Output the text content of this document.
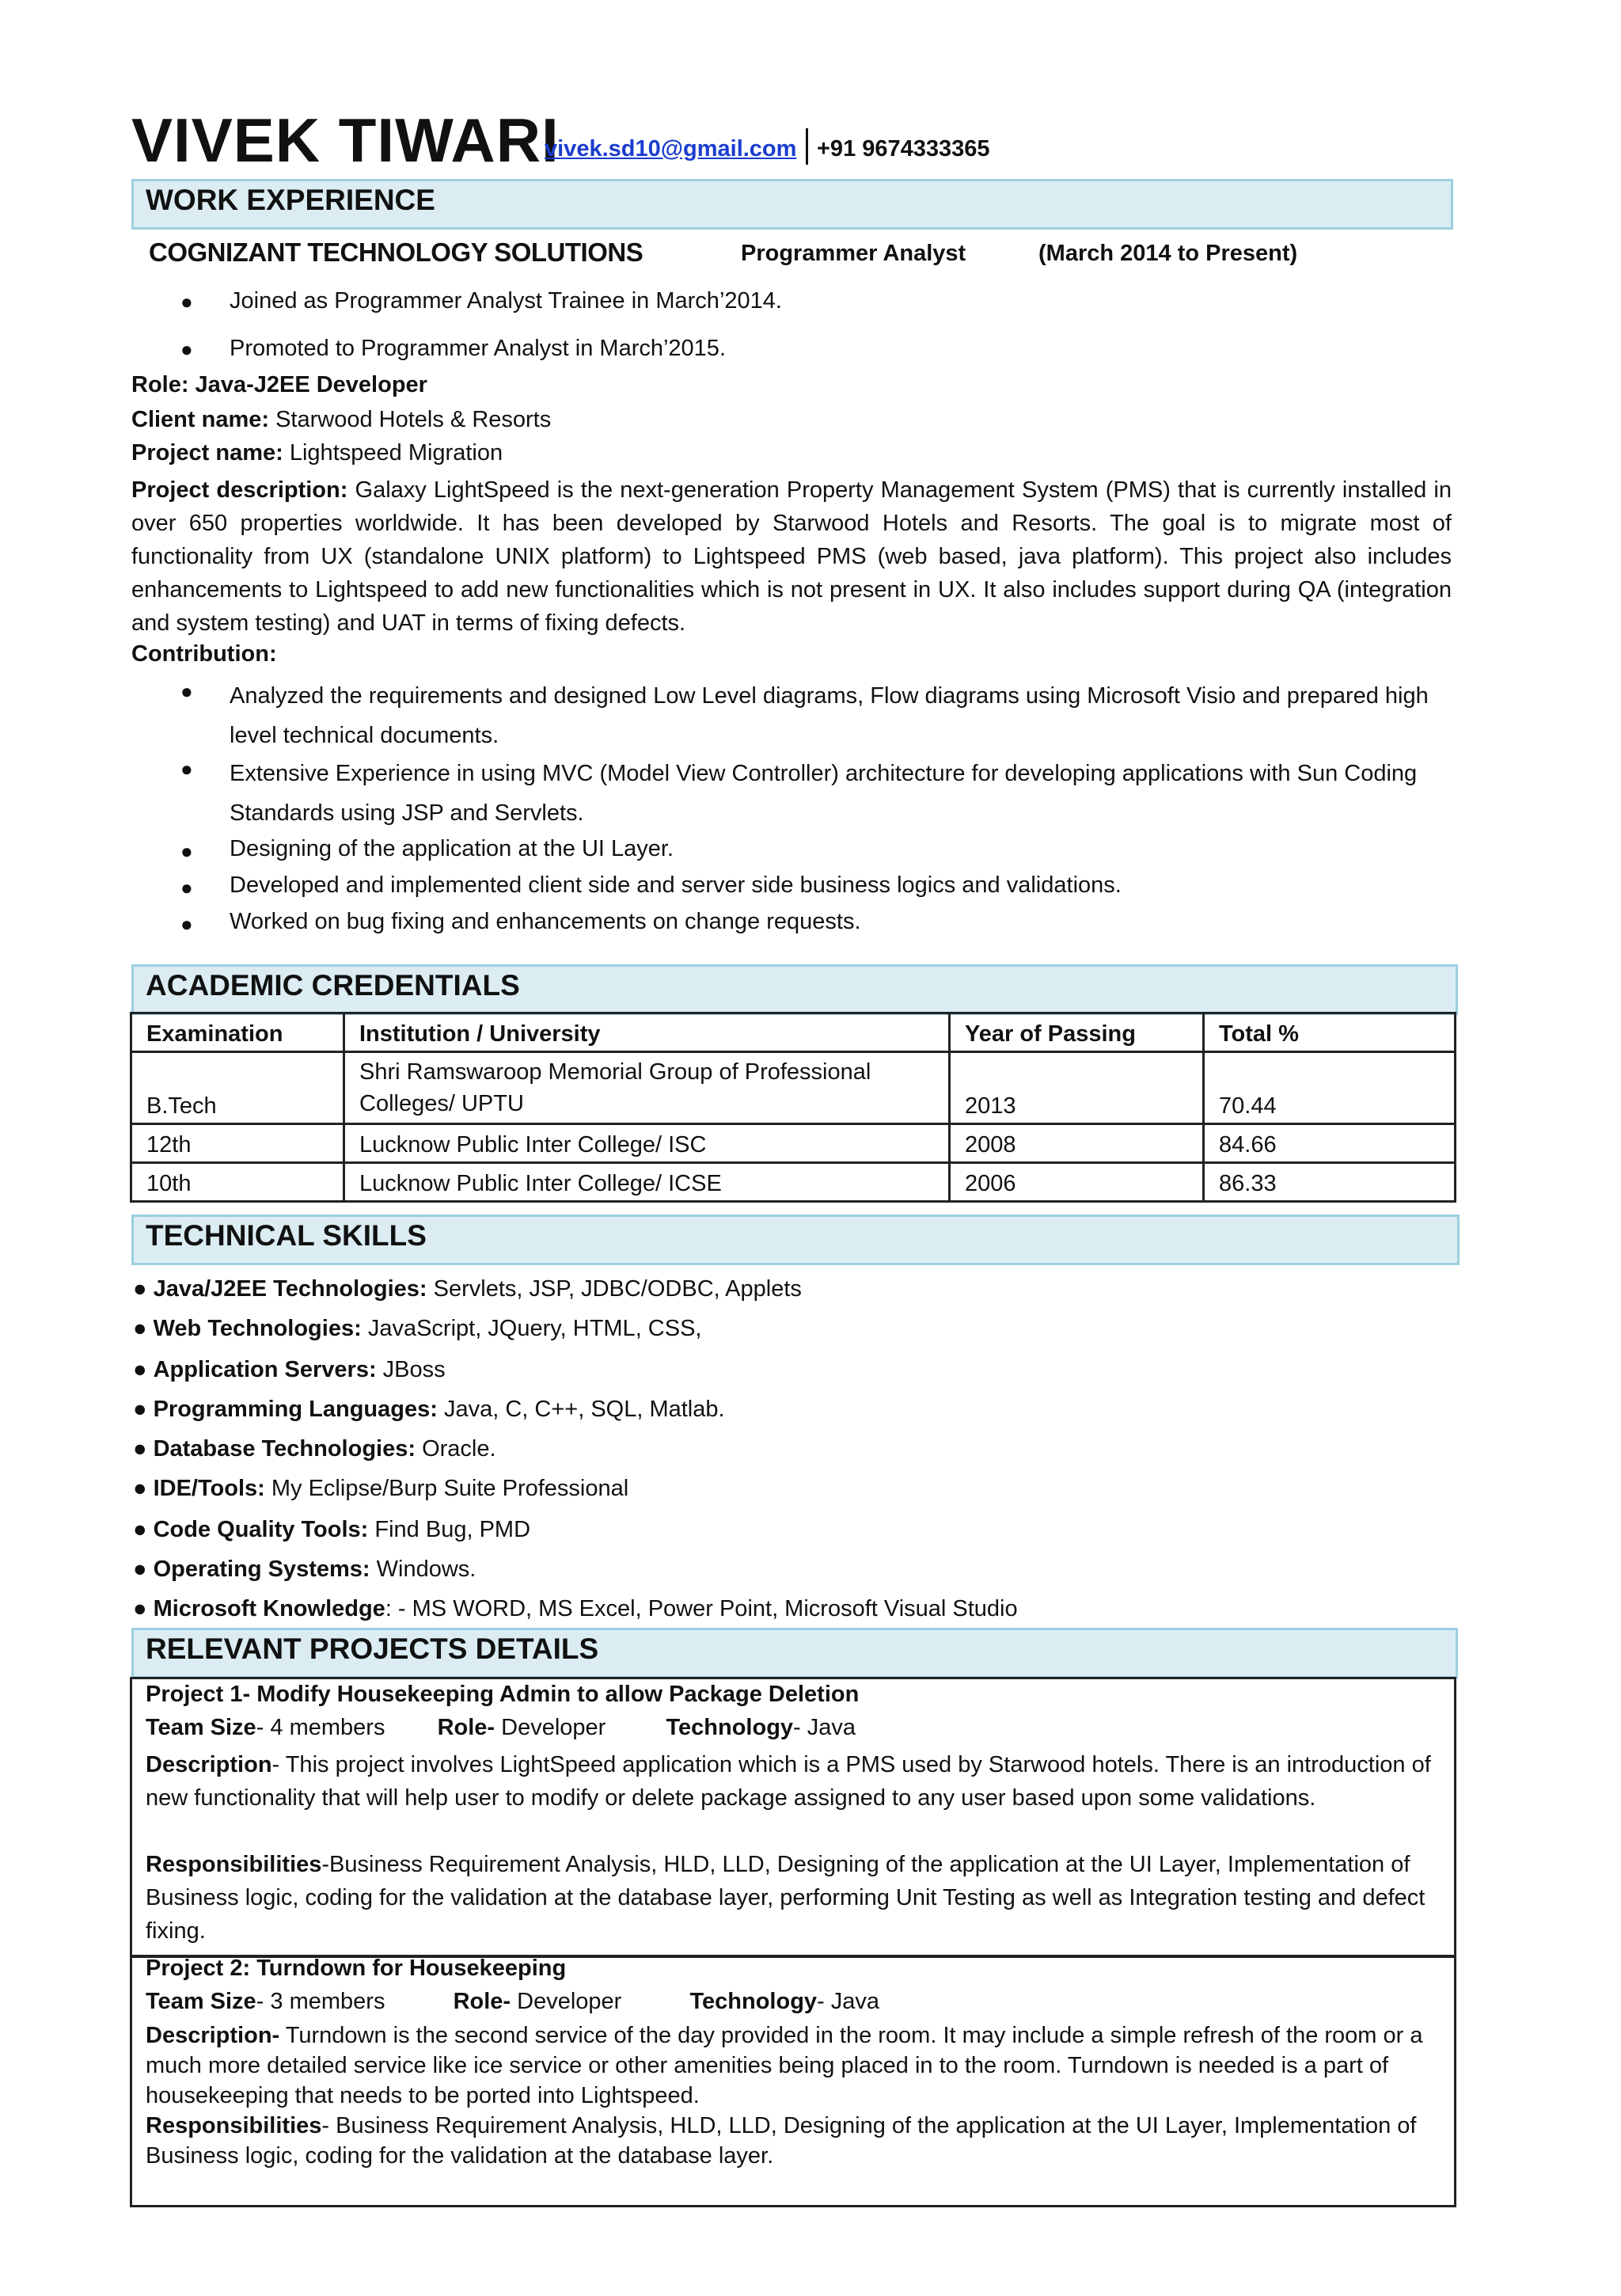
VIVEK TIWARI
vivek.sd10@gmail.com +91 9674333365
WORK EXPERIENCE
COGNIZANT TECHNOLOGY SOLUTIONS	Programmer Analyst	(March 2014 to Present)
● Joined as Programmer Analyst Trainee in March’2014.
● Promoted to Programmer Analyst in March’2015.
Role: Java-J2EE Developer
Client name: Starwood Hotels & Resorts
Project name: Lightspeed Migration
Project description: Galaxy LightSpeed is the next-generation Property Management System (PMS) that is currently installed in over 650 properties worldwide. It has been developed by Starwood Hotels and Resorts. The goal is to migrate most of functionality from UX (standalone UNIX platform) to Lightspeed PMS (web based, java platform). This project also includes enhancements to Lightspeed to add new functionalities which is not present in UX. It also includes support during QA (integration and system testing) and UAT in terms of fixing defects.
Contribution:
● Analyzed the requirements and designed Low Level diagrams, Flow diagrams using Microsoft Visio and prepared high level technical documents.
● Extensive Experience in using MVC (Model View Controller) architecture for developing applications with Sun Coding Standards using JSP and Servlets.
● Designing of the application at the UI Layer.
● Developed and implemented client side and server side business logics and validations.
● Worked on bug fixing and enhancements on change requests.
ACADEMIC CREDENTIALS
Examination	Institution / University	Year of Passing	Total %
B.Tech	Shri Ramswaroop Memorial Group of Professional Colleges/ UPTU	2013	70.44
12th	Lucknow Public Inter College/ ISC	2008	84.66
10th	Lucknow Public Inter College/ ICSE	2006	86.33
TECHNICAL SKILLS
● Java/J2EE Technologies: Servlets, JSP, JDBC/ODBC, Applets
● Web Technologies: JavaScript, JQuery, HTML, CSS,
● Application Servers: JBoss
● Programming Languages: Java, C, C++, SQL, Matlab.
● Database Technologies: Oracle.
● IDE/Tools: My Eclipse/Burp Suite Professional
● Code Quality Tools: Find Bug, PMD
● Operating Systems: Windows.
● Microsoft Knowledge: - MS WORD, MS Excel, Power Point, Microsoft Visual Studio
RELEVANT PROJECTS DETAILS
Project 1- Modify Housekeeping Admin to allow Package Deletion
Team Size- 4 members Role- Developer	Technology- Java
Description- This project involves LightSpeed application which is a PMS used by Starwood hotels. There is an introduction of new functionality that will help user to modify or delete package assigned to any user based upon some validations.
Responsibilities-Business Requirement Analysis, HLD, LLD, Designing of the application at the UI Layer, Implementation of Business logic, coding for the validation at the database layer, performing Unit Testing as well as Integration testing and defect fixing.
Project 2: Turndown for Housekeeping
Team Size- 3 members	Role- Developer	Technology- Java
Description- Turndown is the second service of the day provided in the room. It may include a simple refresh of the room or a much more detailed service like ice service or other amenities being placed in to the room. Turndown is needed is a part of housekeeping that needs to be ported into Lightspeed.
Responsibilities- Business Requirement Analysis, HLD, LLD, Designing of the application at the UI Layer, Implementation of Business logic, coding for the validation at the database layer.
